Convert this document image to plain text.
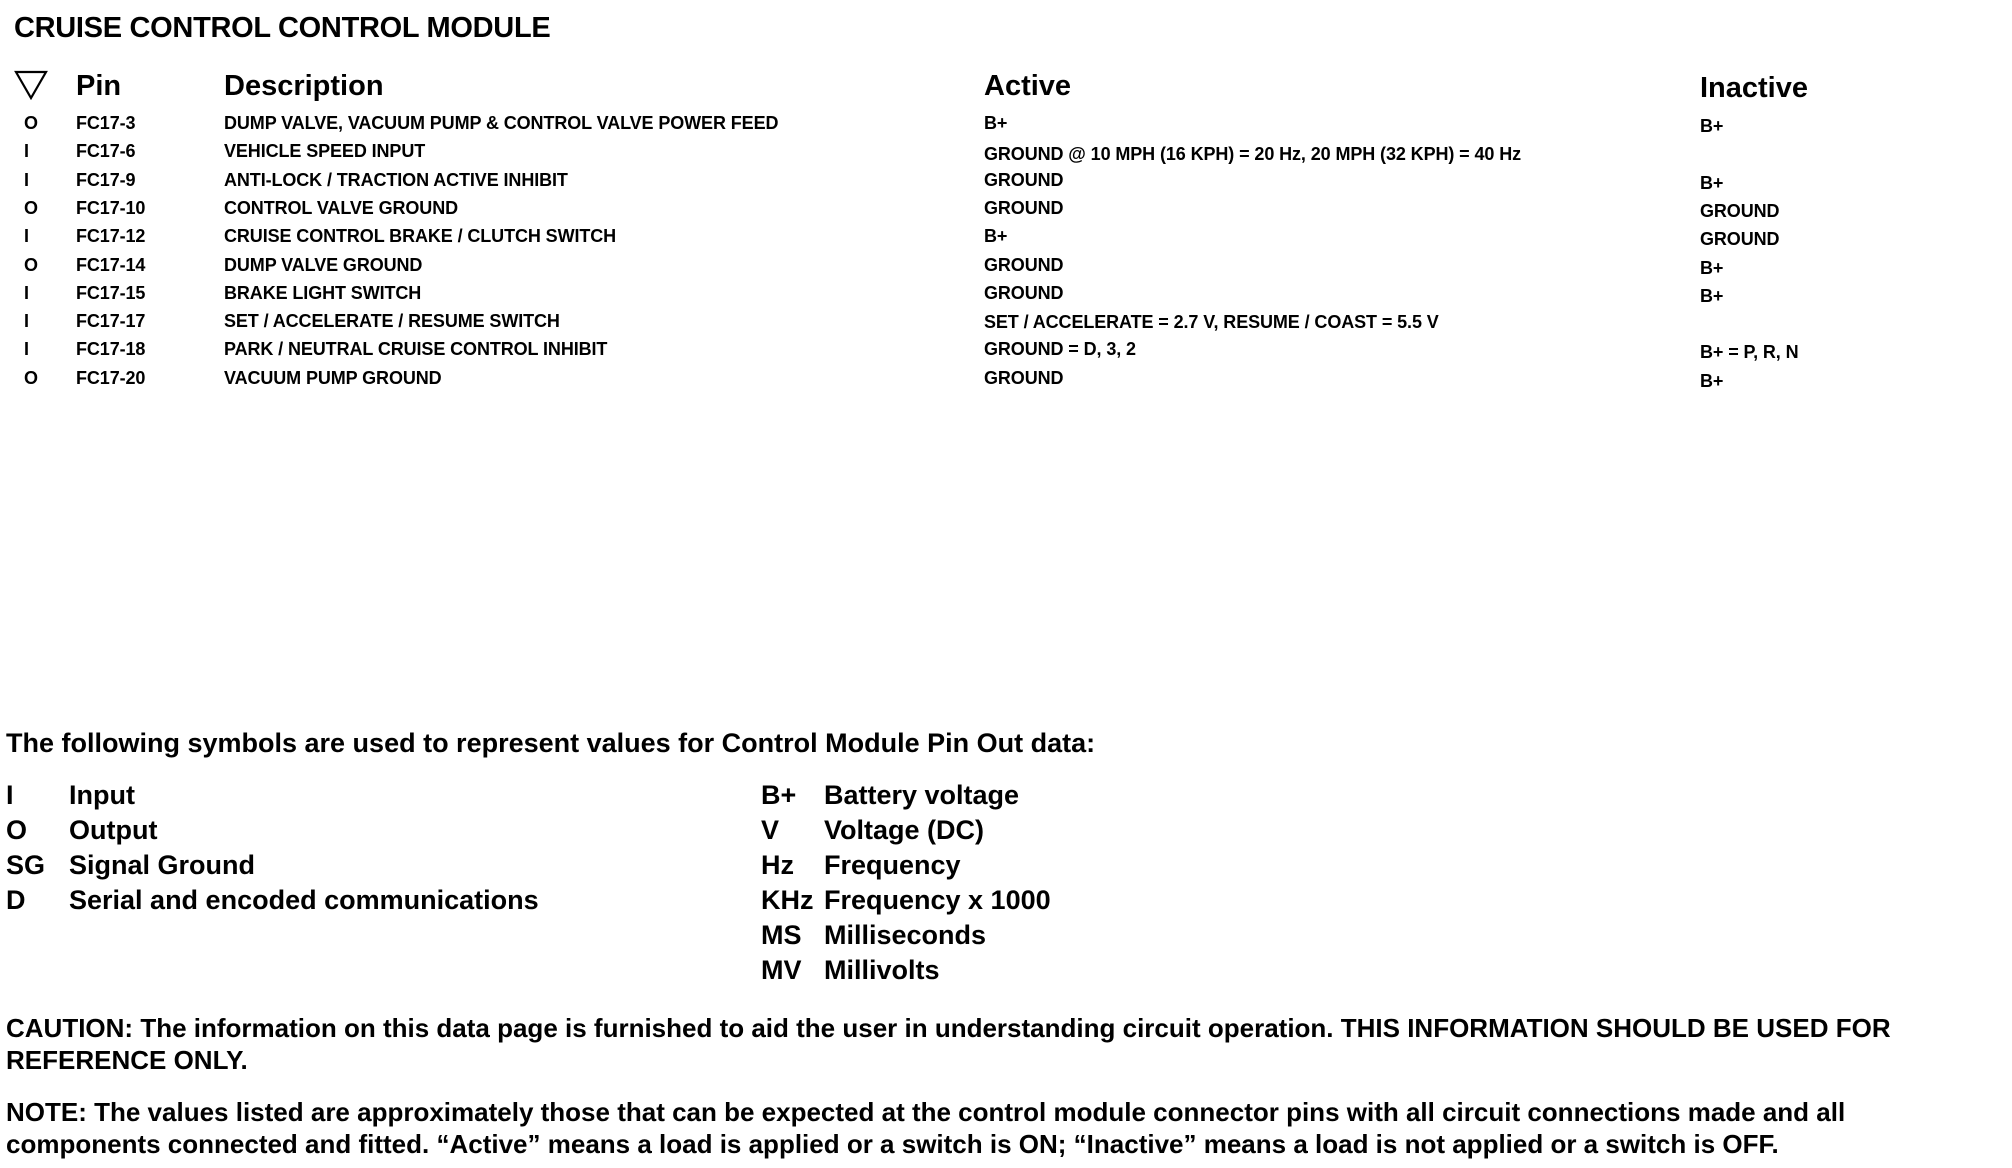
CRUISE CONTROL CONTROL MODULE
Pin	Description	Active	Inactive
O	FC17-3	DUMP VALVE, VACUUM PUMP & CONTROL VALVE POWER FEED	B+	B+
I	FC17-6	VEHICLE SPEED INPUT	GROUND @ 10 MPH (16 KPH) = 20 Hz, 20 MPH (32 KPH) = 40 Hz
I	FC17-9	ANTI-LOCK / TRACTION ACTIVE INHIBIT	GROUND	B+
O	FC17-10	CONTROL VALVE GROUND	GROUND	GROUND
I	FC17-12	CRUISE CONTROL BRAKE / CLUTCH SWITCH	B+	GROUND
O	FC17-14	DUMP VALVE GROUND	GROUND	B+
I	FC17-15	BRAKE LIGHT SWITCH	GROUND	B+
I	FC17-17	SET / ACCELERATE / RESUME SWITCH	SET / ACCELERATE = 2.7 V, RESUME / COAST = 5.5 V
I	FC17-18	PARK / NEUTRAL CRUISE CONTROL INHIBIT	GROUND = D, 3, 2	B+ = P, R, N
O	FC17-20	VACUUM PUMP GROUND	GROUND	B+
The following symbols are used to represent values for Control Module Pin Out data:
I Input
O Output
SG Signal Ground
D Serial and encoded communications
B+ Battery voltage
V Voltage (DC)
Hz Frequency
KHz Frequency x 1000
MS Milliseconds
MV Millivolts
CAUTION: The information on this data page is furnished to aid the user in understanding circuit operation. THIS INFORMATION SHOULD BE USED FOR REFERENCE ONLY.
NOTE: The values listed are approximately those that can be expected at the control module connector pins with all circuit connections made and all components connected and fitted. “Active” means a load is applied or a switch is ON; “Inactive” means a load is not applied or a switch is OFF.
